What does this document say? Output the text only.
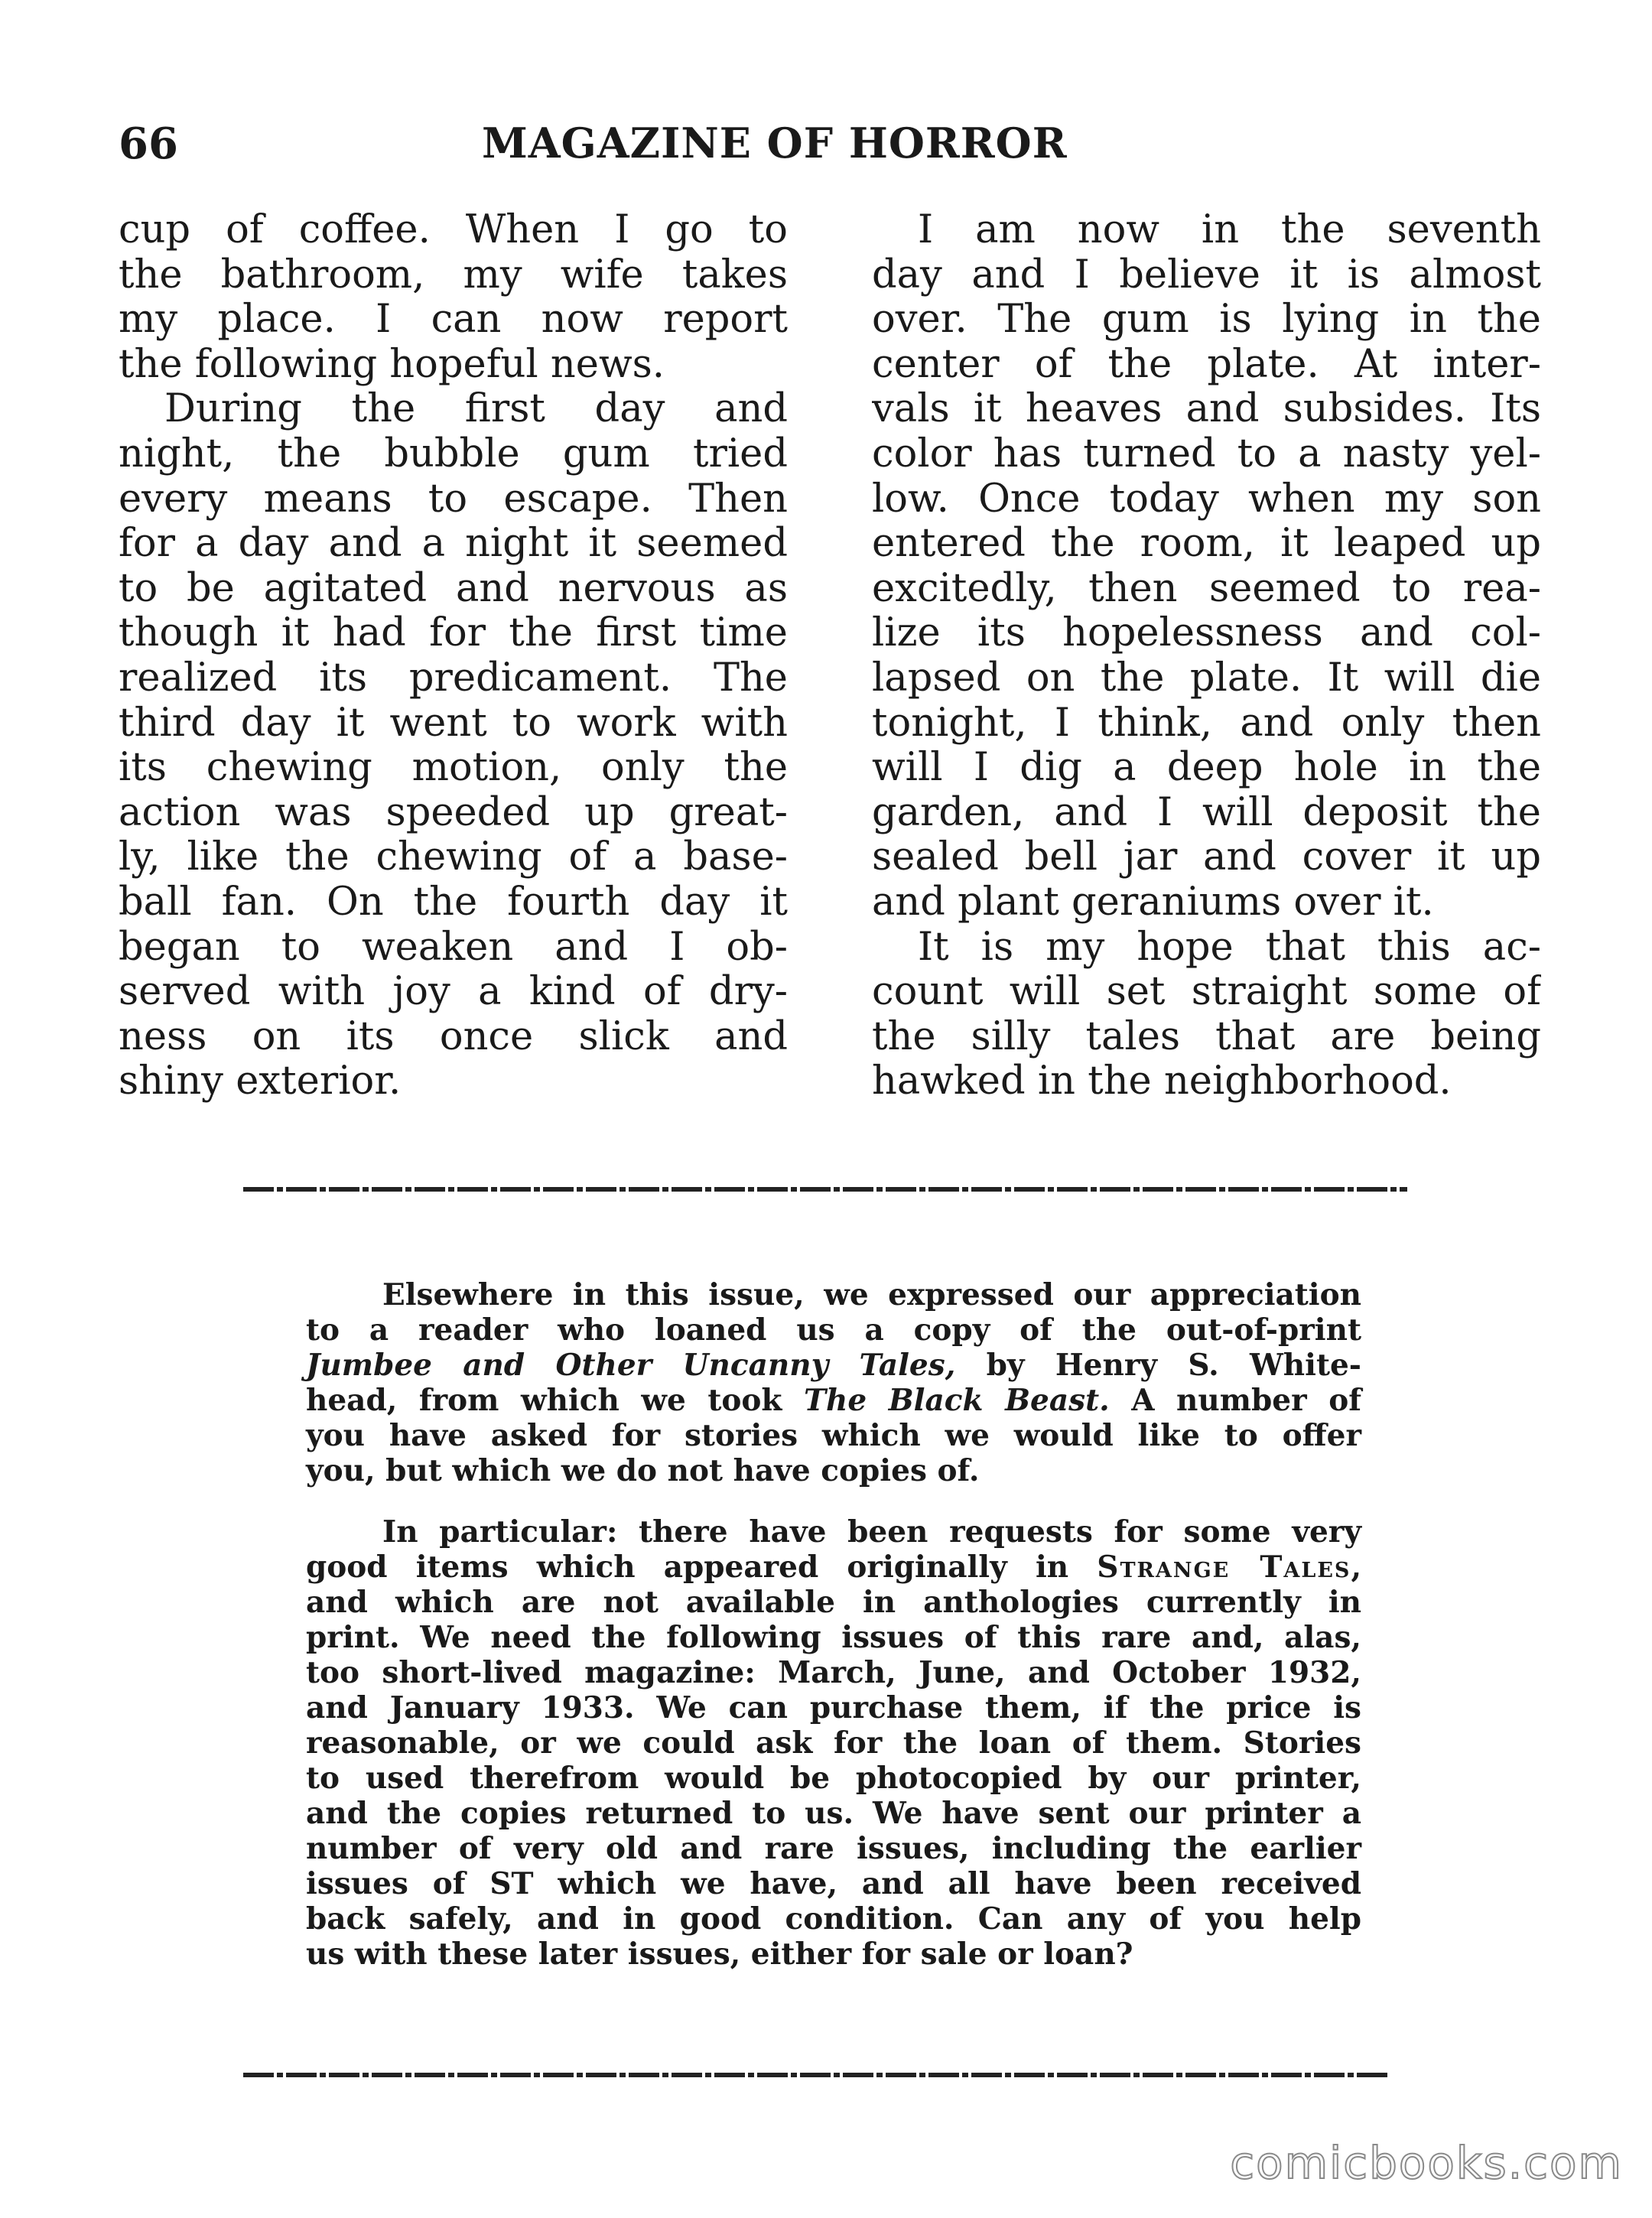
66	MAGAZINE OF HORROR
cup of coffee. When I go to
the bathroom, my wife takes
my place. I can now report
the following hopeful news.
During the first day and
night, the bubble gum tried
every means to escape. Then
for a day and a night it seemed
to be agitated and nervous as
though it had for the first time
realized its predicament. The
third day it went to work with
its chewing motion, only the
action was speeded up great-
ly, like the chewing of a base-
ball fan. On the fourth day it
began to weaken and I ob-
served with joy a kind of dry-
ness on its once slick and
shiny exterior.
I am now in the seventh
day and I believe it is almost
over. The gum is lying in the
center of the plate. At inter-
vals it heaves and subsides. Its
color has turned to a nasty yel-
low. Once today when my son
entered the room, it leaped up
excitedly, then seemed to rea-
lize its hopelessness and col-
lapsed on the plate. It will die
tonight, I think, and only then
will I dig a deep hole in the
garden, and I will deposit the
sealed bell jar and cover it up
and plant geraniums over it.
It is my hope that this ac-
count will set straight some of
the silly tales that are being
hawked in the neighborhood.
Elsewhere in this issue, we expressed our appreciation
to a reader who loaned us a copy of the out-of-print
Jumbee and Other Uncanny Tales, by Henry S. White-
head, from which we took The Black Beast. A number of
you have asked for stories which we would like to offer
you, but which we do not have copies of.
In particular: there have been requests for some very
good items which appeared originally in Strange Tales,
and which are not available in anthologies currently in
print. We need the following issues of this rare and, alas,
too short-lived magazine: March, June, and October 1932,
and January 1933. We can purchase them, if the price is
reasonable, or we could ask for the loan of them. Stories
to used therefrom would be photocopied by our printer,
and the copies returned to us. We have sent our printer a
number of very old and rare issues, including the earlier
issues of ST which we have, and all have been received
back safely, and in good condition. Can any of you help
us with these later issues, either for sale or loan?
comicbooks.com
